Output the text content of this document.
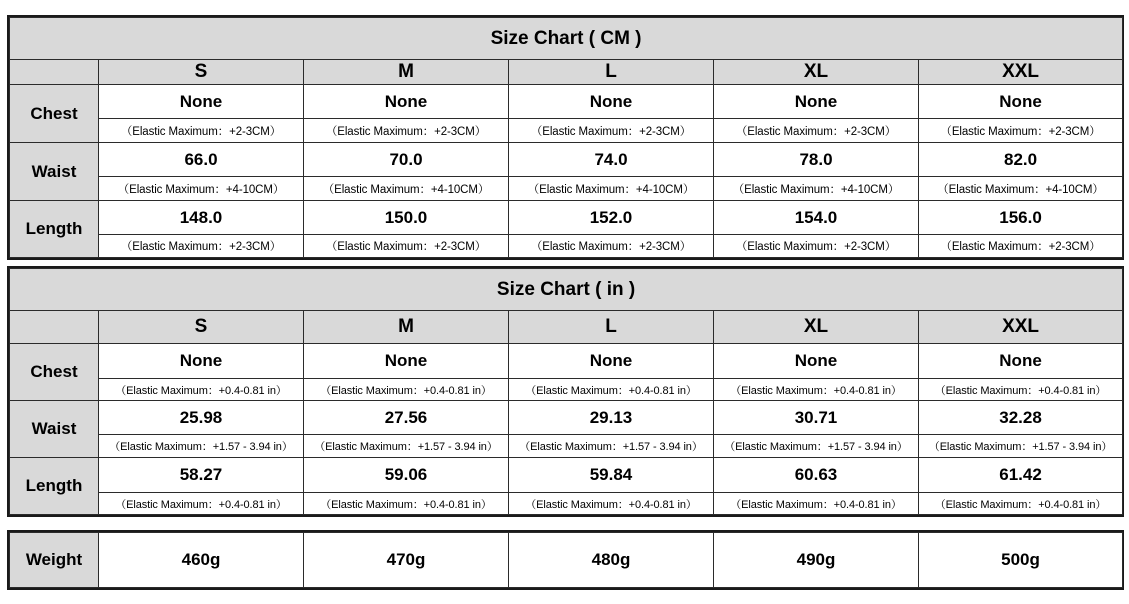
Size Chart ( CM )					
	S	M	L	XL	XXL
Chest	None	None	None	None	None
	（Elastic Maximum：+2-3CM）	（Elastic Maximum：+2-3CM）	（Elastic Maximum：+2-3CM）	（Elastic Maximum：+2-3CM）	（Elastic Maximum：+2-3CM）
Waist	66.0	70.0	74.0	78.0	82.0
	（Elastic Maximum：+4-10CM）	（Elastic Maximum：+4-10CM）	（Elastic Maximum：+4-10CM）	（Elastic Maximum：+4-10CM）	（Elastic Maximum：+4-10CM）
Length	148.0	150.0	152.0	154.0	156.0
	（Elastic Maximum：+2-3CM）	（Elastic Maximum：+2-3CM）	（Elastic Maximum：+2-3CM）	（Elastic Maximum：+2-3CM）	（Elastic Maximum：+2-3CM）
Size Chart ( in )					
	S	M	L	XL	XXL
Chest	None	None	None	None	None
	（Elastic Maximum：+0.4-0.81 in）	（Elastic Maximum：+0.4-0.81 in）	（Elastic Maximum：+0.4-0.81 in）	（Elastic Maximum：+0.4-0.81 in）	（Elastic Maximum：+0.4-0.81 in）
Waist	25.98	27.56	29.13	30.71	32.28
	（Elastic Maximum：+1.57 - 3.94 in）	（Elastic Maximum：+1.57 - 3.94 in）	（Elastic Maximum：+1.57 - 3.94 in）	（Elastic Maximum：+1.57 - 3.94 in）	（Elastic Maximum：+1.57 - 3.94 in）
Length	58.27	59.06	59.84	60.63	61.42
	（Elastic Maximum：+0.4-0.81 in）	（Elastic Maximum：+0.4-0.81 in）	（Elastic Maximum：+0.4-0.81 in）	（Elastic Maximum：+0.4-0.81 in）	（Elastic Maximum：+0.4-0.81 in）
Weight	460g	470g	480g	490g	500g
